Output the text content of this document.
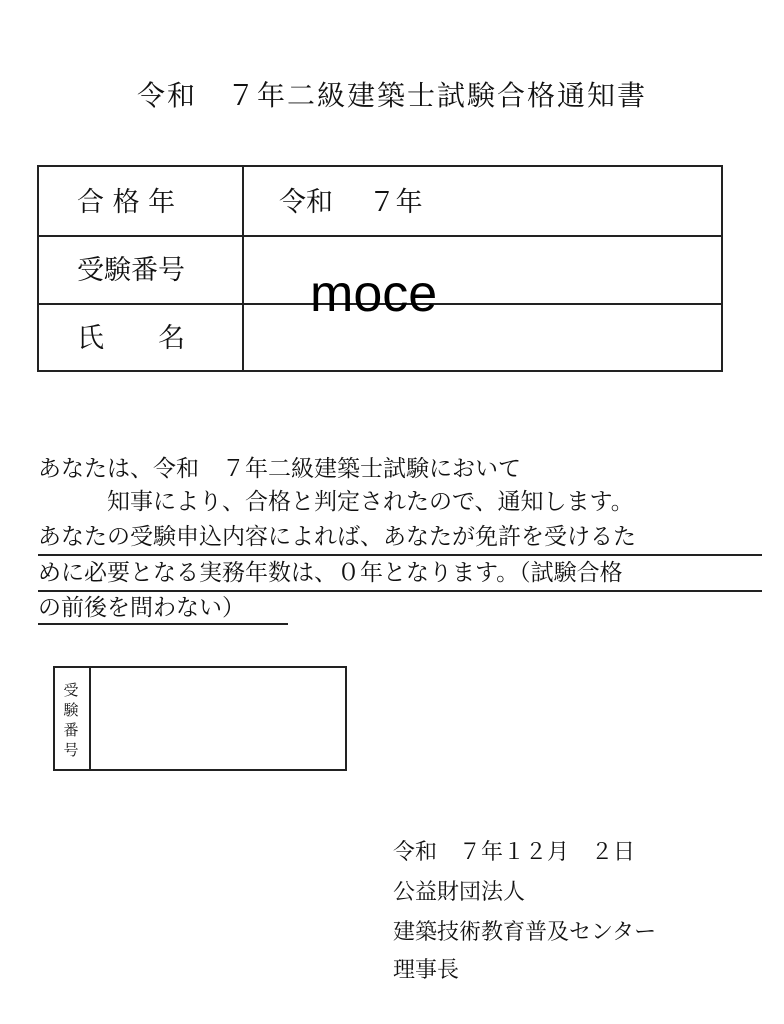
令和　７年二級建築士試験合格通知書
合 格 年	令和　 ７年
受験番号
氏　　名
moce
あなたは、令和　７年二級建築士試験において
　　　知事により、合格と判定されたので、通知します。
あなたの受験申込内容によれば、あなたが免許を受けるた
めに必要となる実務年数は、０年となります。（試験合格
の前後を問わない）
受験番号
令和　７年１２月　２日
公益財団法人
建築技術教育普及センター
理事長
